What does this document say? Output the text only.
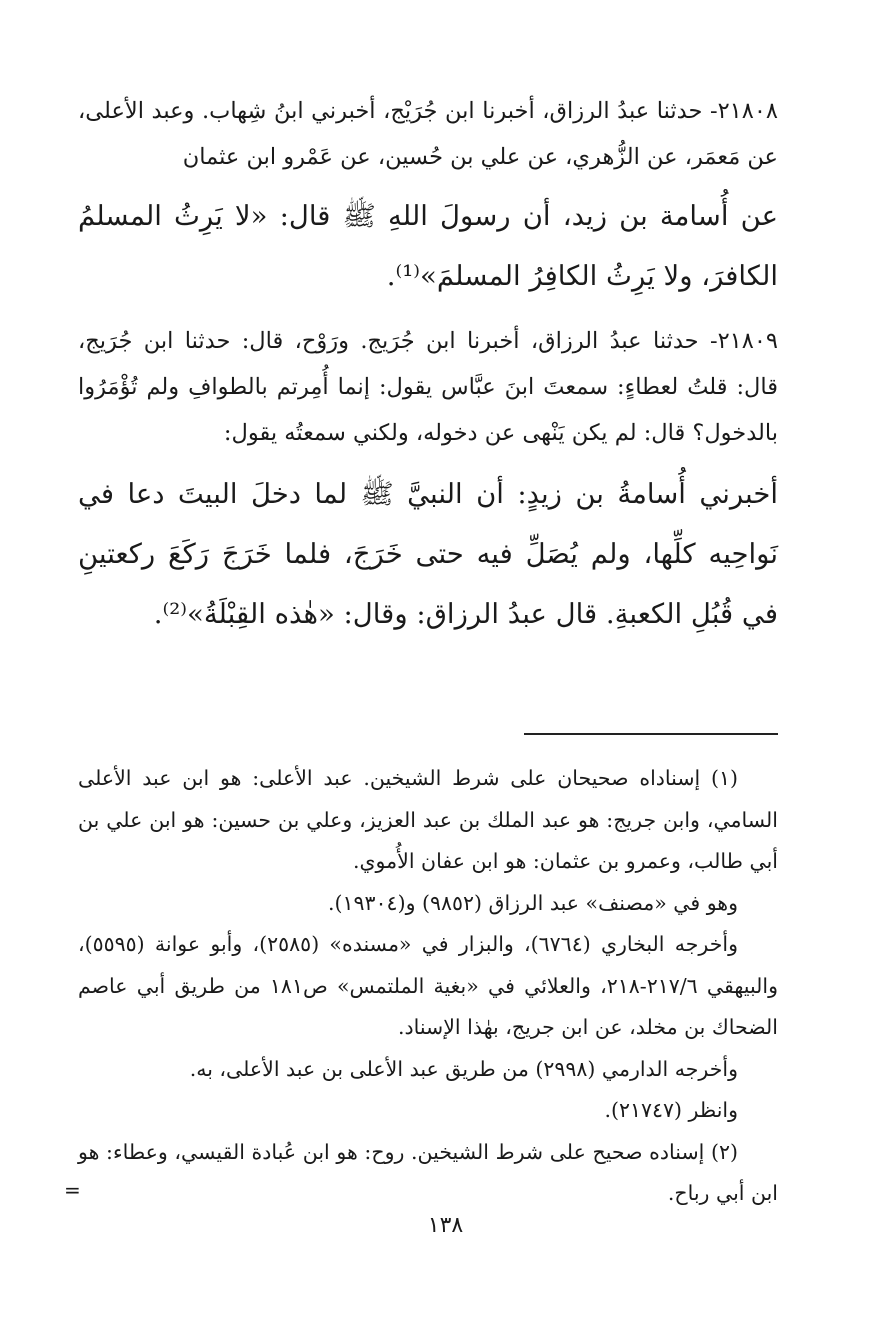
٢١٨٠٨- حدثنا عبدُ الرزاق، أخبرنا ابن جُرَيْج، أخبرني ابنُ شِهاب. وعبد الأعلى، عن مَعمَر، عن الزُّهري، عن علي بن حُسين، عن عَمْرو ابن عثمان

عن أُسامة بن زيد، أن رسولَ اللهِ ﷺ قال: «لا يَرِثُ المسلمُ الكافرَ، ولا يَرِثُ الكافِرُ المسلمَ»⁽¹⁾.

٢١٨٠٩- حدثنا عبدُ الرزاق، أخبرنا ابن جُرَيج. ورَوْح، قال: حدثنا ابن جُرَيج، قال: قلتُ لعطاءٍ: سمعتَ ابنَ عبَّاس يقول: إنما أُمِرتم بالطوافِ ولم تُؤْمَرُوا بالدخول؟ قال: لم يكن يَنْهى عن دخوله، ولكني سمعتُه يقول:

أخبرني أُسامةُ بن زيدٍ: أن النبيَّ ﷺ لما دخلَ البيتَ دعا في نَواحِيه كلِّها، ولم يُصَلِّ فيه حتى خَرَجَ، فلما خَرَجَ رَكَعَ ركعتينِ في قُبُلِ الكعبةِ. قال عبدُ الرزاق: وقال: «هٰذه القِبْلَةُ»⁽²⁾.

(١) إسناداه صحيحان على شرط الشيخين. عبد الأعلى: هو ابن عبد الأعلى السامي، وابن جريج: هو عبد الملك بن عبد العزيز، وعلي بن حسين: هو ابن علي بن أبي طالب، وعمرو بن عثمان: هو ابن عفان الأُموي.

وهو في «مصنف» عبد الرزاق (٩٨٥٢) و(١٩٣٠٤).

وأخرجه البخاري (٦٧٦٤)، والبزار في «مسنده» (٢٥٨٥)، وأبو عوانة (٥٥٩٥)، والبيهقي ٢١٧/٦-٢١٨، والعلائي في «بغية الملتمس» ص١٨١ من طريق أبي عاصم الضحاك بن مخلد، عن ابن جريج، بهٰذا الإسناد.

وأخرجه الدارمي (٢٩٩٨) من طريق عبد الأعلى بن عبد الأعلى، به.

وانظر (٢١٧٤٧).

(٢) إسناده صحيح على شرط الشيخين. روح: هو ابن عُبادة القيسي، وعطاء: هو ابن أبي رباح.

=
١٣٨
